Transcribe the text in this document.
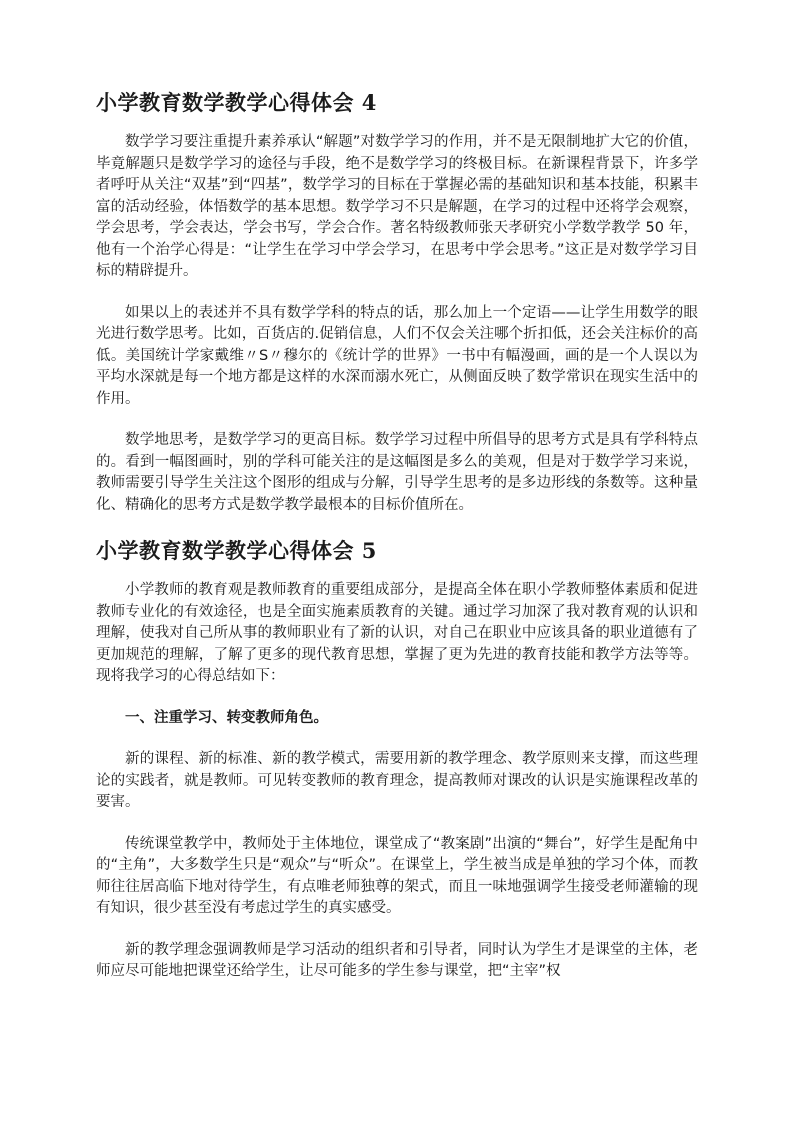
小学教育数学教学心得体会 4

数学学习要注重提升素养承认“解题”对数学学习的作用，并不是无限制地扩大它的价值，毕竟解题只是数学学习的途径与手段，绝不是数学学习的终极目标。在新课程背景下，许多学者呼吁从关注“双基”到“四基”，数学学习的目标在于掌握必需的基础知识和基本技能，积累丰富的活动经验，体悟数学的基本思想。数学学习不只是解题，在学习的过程中还将学会观察，学会思考，学会表达，学会书写，学会合作。著名特级教师张天孝研究小学数学教学 50 年，他有一个治学心得是：“让学生在学习中学会学习，在思考中学会思考。”这正是对数学学习目标的精辟提升。

如果以上的表述并不具有数学学科的特点的话，那么加上一个定语——让学生用数学的眼光进行数学思考。比如，百货店的.促销信息，人们不仅会关注哪个折扣低，还会关注标价的高低。美国统计学家戴维〃S〃穆尔的《统计学的世界》一书中有幅漫画，画的是一个人误以为平均水深就是每一个地方都是这样的水深而溺水死亡，从侧面反映了数学常识在现实生活中的作用。

数学地思考，是数学学习的更高目标。数学学习过程中所倡导的思考方式是具有学科特点的。看到一幅图画时，别的学科可能关注的是这幅图是多么的美观，但是对于数学学习来说，教师需要引导学生关注这个图形的组成与分解，引导学生思考的是多边形线的条数等。这种量化、精确化的思考方式是数学教学最根本的目标价值所在。

小学教育数学教学心得体会 5

小学教师的教育观是教师教育的重要组成部分，是提高全体在职小学教师整体素质和促进教师专业化的有效途径，也是全面实施素质教育的关键。通过学习加深了我对教育观的认识和理解，使我对自己所从事的教师职业有了新的认识，对自己在职业中应该具备的职业道德有了更加规范的理解，了解了更多的现代教育思想，掌握了更为先进的教育技能和教学方法等等。现将我学习的心得总结如下：

一、注重学习、转变教师角色。

新的课程、新的标准、新的教学模式，需要用新的教学理念、教学原则来支撑，而这些理论的实践者，就是教师。可见转变教师的教育理念，提高教师对课改的认识是实施课程改革的要害。

传统课堂教学中，教师处于主体地位，课堂成了“教案剧”出演的“舞台”，好学生是配角中的“主角”，大多数学生只是“观众”与“听众”。在课堂上，学生被当成是单独的学习个体，而教师往往居高临下地对待学生，有点唯老师独尊的架式，而且一味地强调学生接受老师灌输的现有知识，很少甚至没有考虑过学生的真实感受。

新的教学理念强调教师是学习活动的组织者和引导者，同时认为学生才是课堂的主体，老师应尽可能地把课堂还给学生，让尽可能多的学生参与课堂，把“主宰”权
